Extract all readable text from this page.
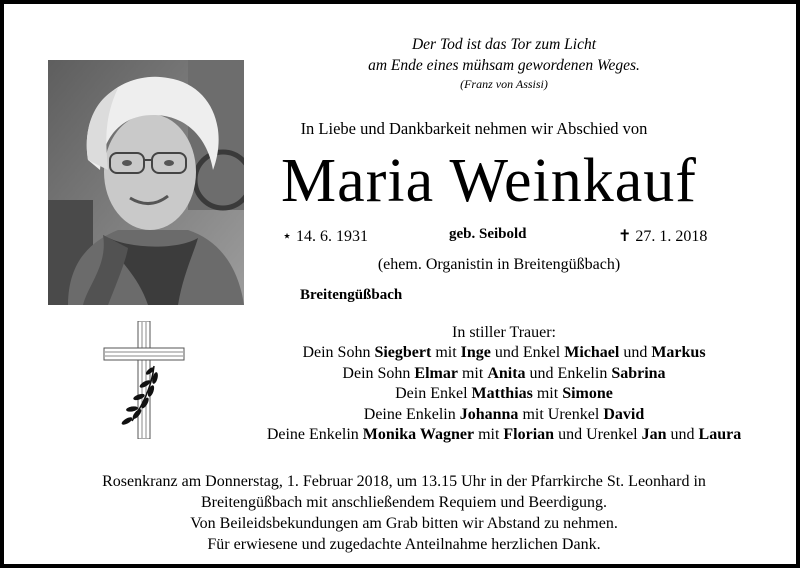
Der Tod ist das Tor zum Licht
am Ende eines mühsam gewordenen Weges.
(Franz von Assisi)
In Liebe und Dankbarkeit nehmen wir Abschied von
Maria Weinkauf
⋆ 14. 6. 1931	geb. Seibold	✝ 27. 1. 2018
(ehem. Organistin in Breitengüßbach)
Breitengüßbach
In stiller Trauer:
Dein Sohn Siegbert mit Inge und Enkel Michael und Markus
Dein Sohn Elmar mit Anita und Enkelin Sabrina
Dein Enkel Matthias mit Simone
Deine Enkelin Johanna mit Urenkel David
Deine Enkelin Monika Wagner mit Florian und Urenkel Jan und Laura
Rosenkranz am Donnerstag, 1. Februar 2018, um 13.15 Uhr in der Pfarrkirche St. Leonhard in
Breitengüßbach mit anschließendem Requiem und Beerdigung.
Von Beileidsbekundungen am Grab bitten wir Abstand zu nehmen.
Für erwiesene und zugedachte Anteilnahme herzlichen Dank.
